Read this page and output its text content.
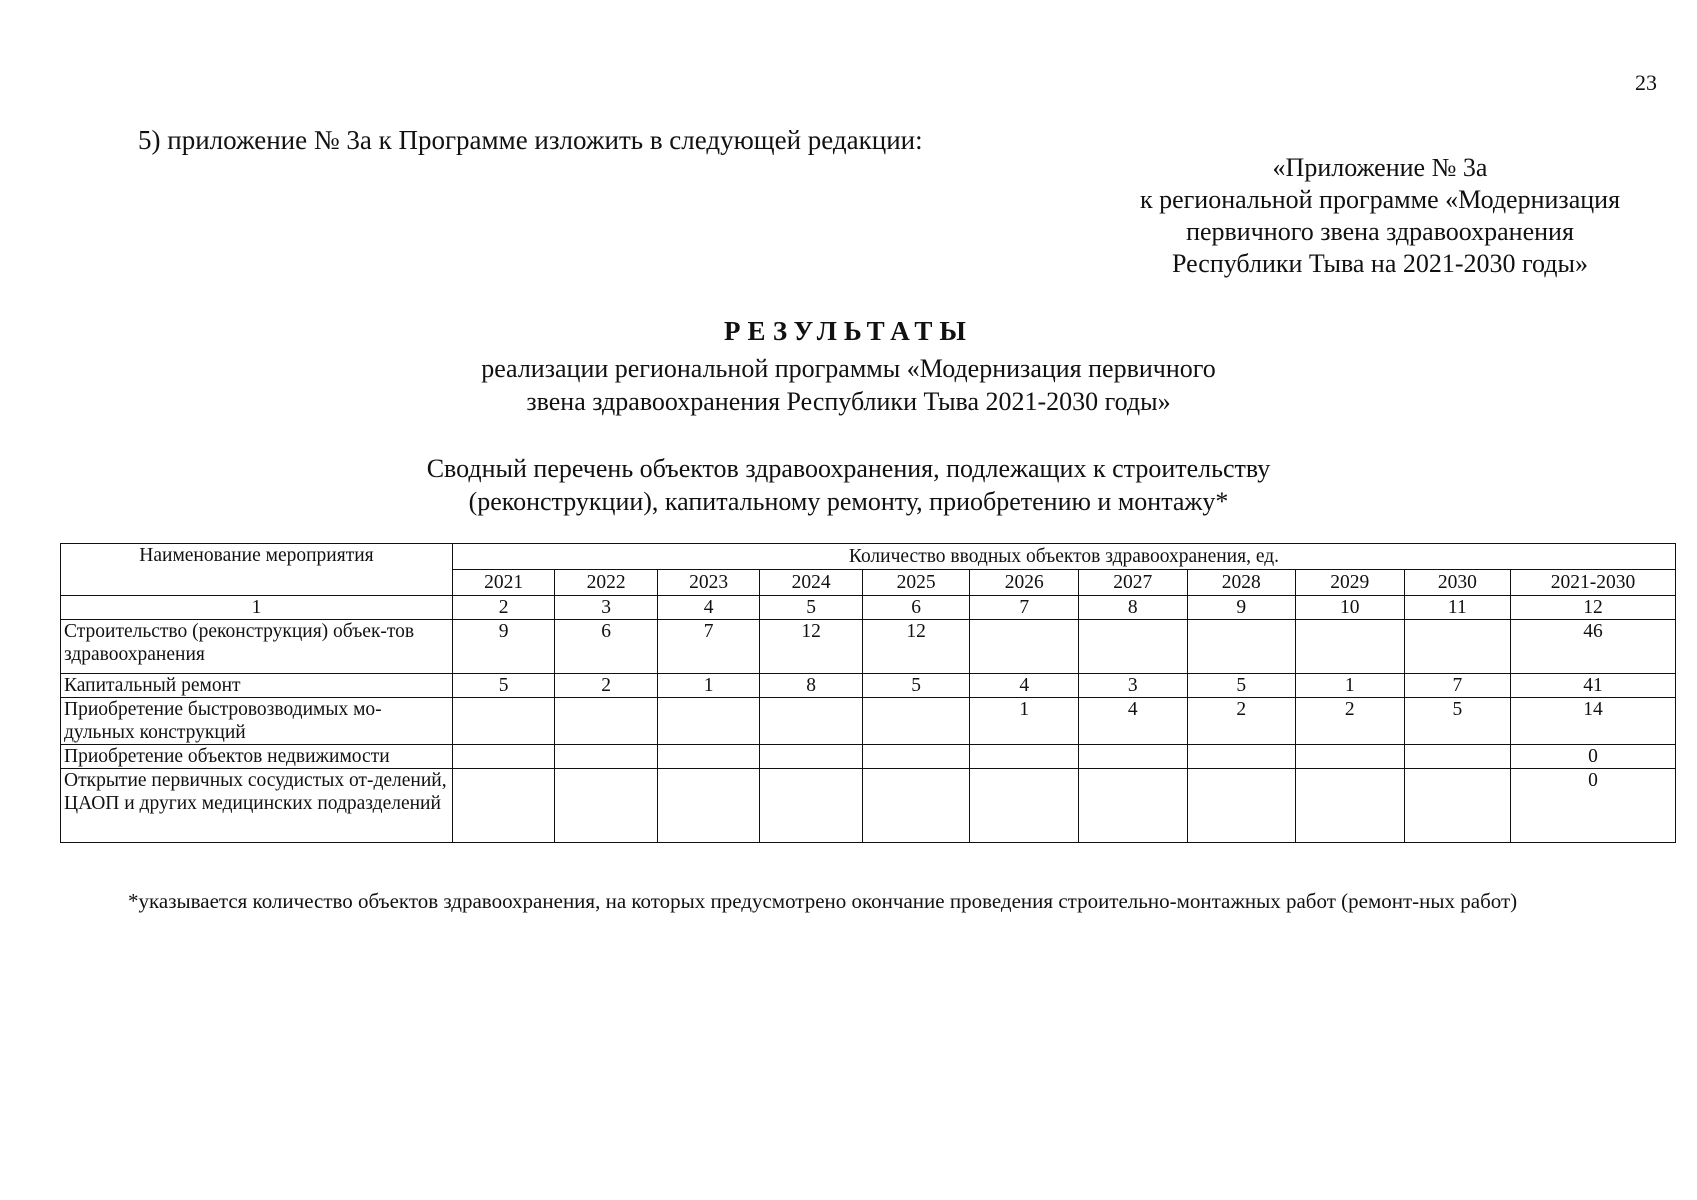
23
5) приложение № 3а к Программе изложить в следующей редакции:
«Приложение № 3а
к региональной программе «Модернизация
первичного звена здравоохранения
Республики Тыва на 2021-2030 годы»
РЕЗУЛЬТАТЫ
реализации региональной программы «Модернизация первичного
звена здравоохранения Республики Тыва 2021-2030 годы»
Сводный перечень объектов здравоохранения, подлежащих к строительству
(реконструкции), капитальному ремонту, приобретению и монтажу*
Наименование мероприятия	Количество вводных объектов здравоохранения, ед.										
	2021	2022	2023	2024	2025	2026	2027	2028	2029	2030	2021-2030
1	2	3	4	5	6	7	8	9	10	11	12
Строительство (реконструкция) объек-тов здравоохранения	9	6	7	12	12						46
Капитальный ремонт	5	2	1	8	5	4	3	5	1	7	41
Приобретение быстровозводимых мо-дульных конструкций						1	4	2	2	5	14
Приобретение объектов недвижимости											0
Открытие первичных сосудистых от-делений, ЦАОП и других медицинских подразделений											0
*указывается количество объектов здравоохранения, на которых предусмотрено окончание проведения строительно-монтажных работ (ремонт-ных работ)
